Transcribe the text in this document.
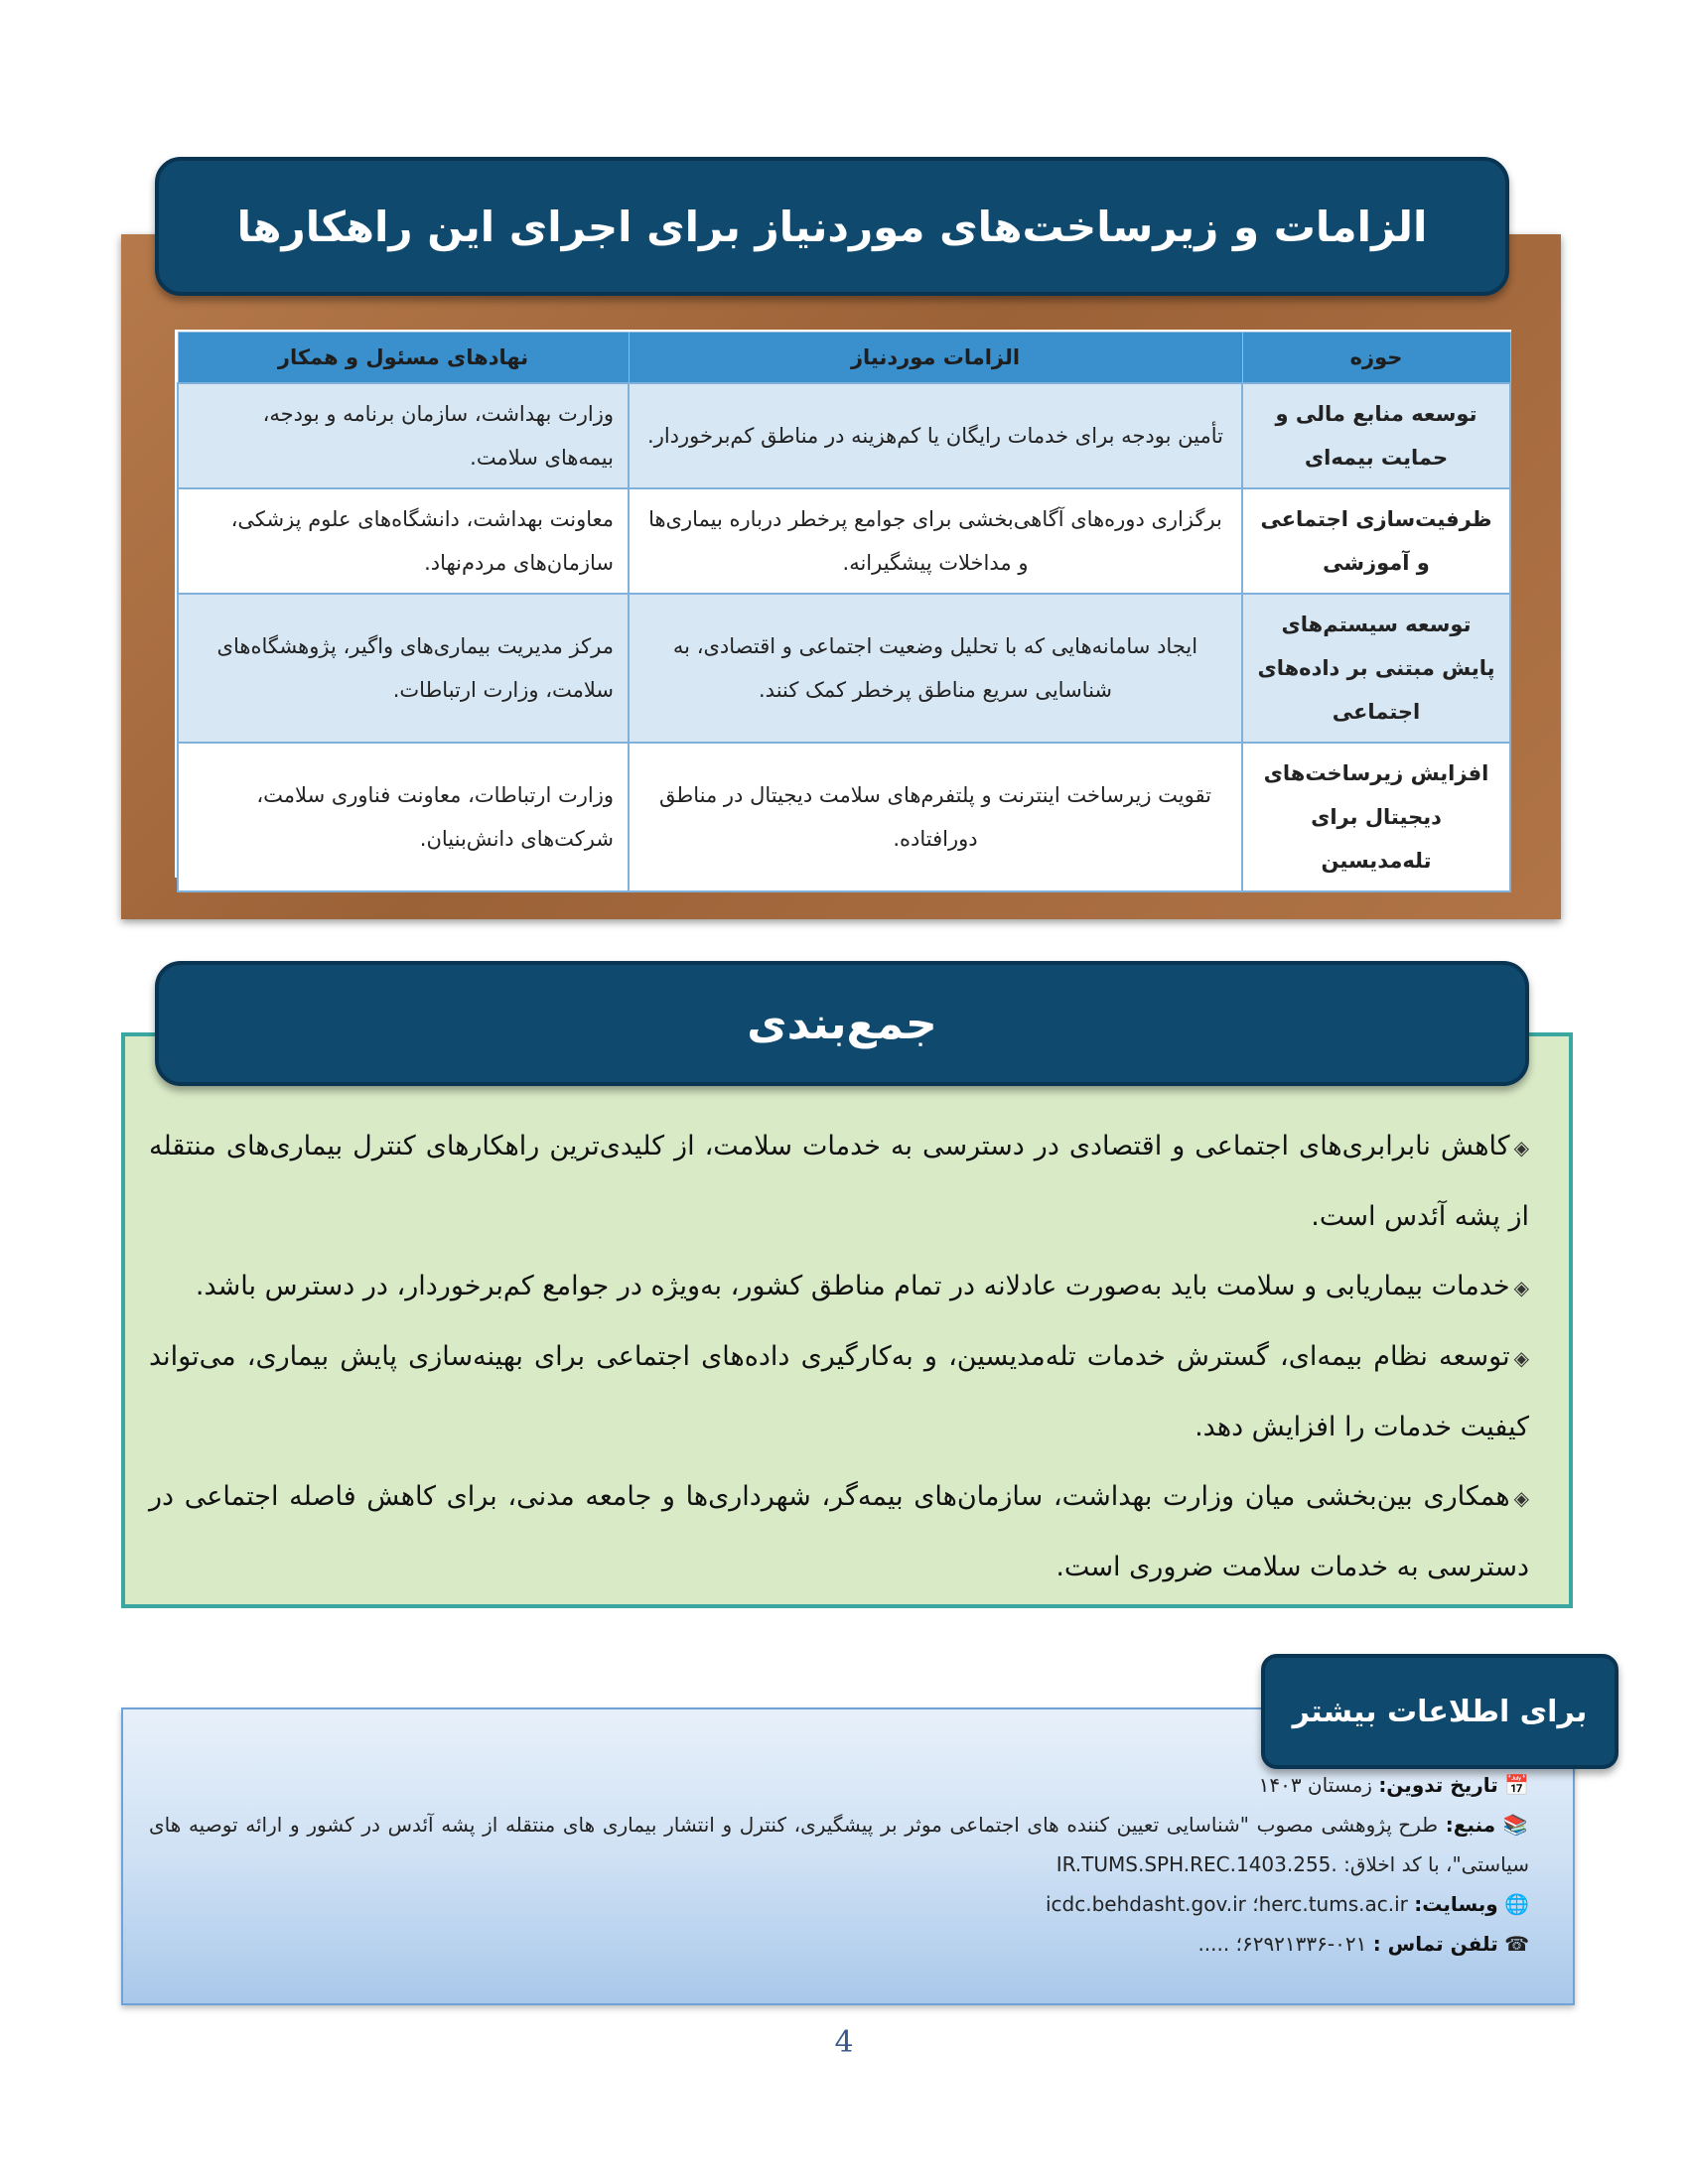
الزامات و زیرساخت‌های موردنیاز برای اجرای این راهکارها
حوزه	الزامات موردنیاز	نهادهای مسئول و همکار
توسعه منابع مالی و حمایت بیمه‌ای	تأمین بودجه برای خدمات رایگان یا کم‌هزینه در مناطق کم‌برخوردار.	وزارت بهداشت، سازمان برنامه و بودجه، بیمه‌های سلامت.
ظرفیت‌سازی اجتماعی و آموزشی	برگزاری دوره‌های آگاهی‌بخشی برای جوامع پرخطر درباره بیماری‌ها و مداخلات پیشگیرانه.	معاونت بهداشت، دانشگاه‌های علوم پزشکی، سازمان‌های مردم‌نهاد.
توسعه سیستم‌های پایش مبتنی بر داده‌های اجتماعی	ایجاد سامانه‌هایی که با تحلیل وضعیت اجتماعی و اقتصادی، به شناسایی سریع مناطق پرخطر کمک کنند.	مرکز مدیریت بیماری‌های واگیر، پژوهشگاه‌های سلامت، وزارت ارتباطات.
افزایش زیرساخت‌های دیجیتال برای تله‌مدیسین	تقویت زیرساخت اینترنت و پلتفرم‌های سلامت دیجیتال در مناطق دورافتاده.	وزارت ارتباطات، معاونت فناوری سلامت، شرکت‌های دانش‌بنیان.
جمع‌بندی

◈کاهش نابرابری‌های اجتماعی و اقتصادی در دسترسی به خدمات سلامت، از کلیدی‌ترین راهکارهای کنترل بیماری‌های منتقله از پشه آئدس است.

◈خدمات بیماریابی و سلامت باید به‌صورت عادلانه در تمام مناطق کشور، به‌ویژه در جوامع کم‌برخوردار، در دسترس باشد.

◈توسعه نظام بیمه‌ای، گسترش خدمات تله‌مدیسین، و به‌کارگیری داده‌های اجتماعی برای بهینه‌سازی پایش بیماری، می‌تواند کیفیت خدمات را افزایش دهد.

◈همکاری بین‌بخشی میان وزارت بهداشت، سازمان‌های بیمه‌گر، شهرداری‌ها و جامعه مدنی، برای کاهش فاصله اجتماعی در دسترسی به خدمات سلامت ضروری است.

برای اطلاعات بیشتر
📅 تاریخ تدوین: زمستان ۱۴۰۳
📚 منبع: طرح پژوهشی مصوب "شناسایی تعیین کننده های اجتماعی موثر بر پیشگیری، کنترل و انتشار بیماری های منتقله از پشه آئدس در کشور و ارائه توصیه های سیاستی"، با کد اخلاق: IR.TUMS.SPH.REC.1403.255.
🌐 وبسایت: herc.tums.ac.ir؛ icdc.behdasht.gov.ir
☎ تلفن تماس : ۰۲۱-۶۲۹۲۱۳۳۶؛ .....
4
